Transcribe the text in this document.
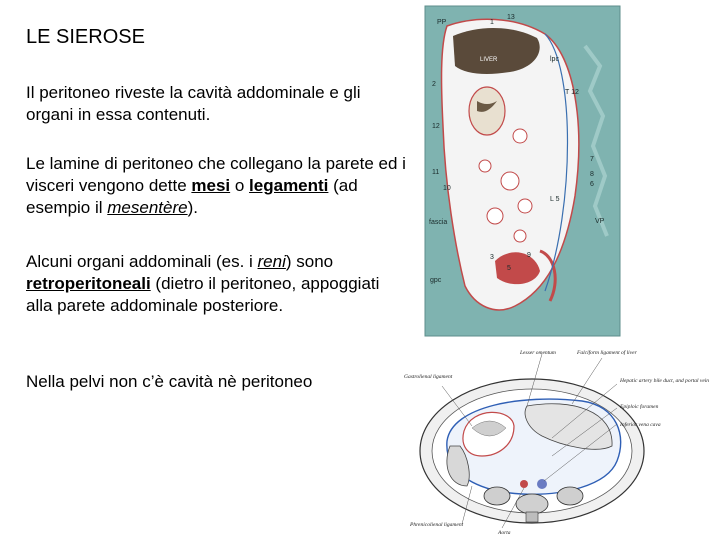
LE SIEROSE

Il peritoneo riveste la cavità addominale e gli organi in essa contenuti.

Le lamine di peritoneo che collegano la parete ed i visceri vengono dette mesi o legamenti (ad esempio il mesentère).

Alcuni organi addominali (es. i reni) sono retroperitoneali (dietro il peritoneo, appoggiati alla parete addominale posteriore.

Nella pelvi non c’è cavità nè peritoneo

LIVER
PP	1
13
lpc
2
T 12
12
7
11	8
10
6
L 5
fascia	VP
3	9
5
gpc
Lesser omentum	Falciform ligament of liver
Gastrolienal ligament
Hepatic artery bile duct, and portal vein
Epiploic foramen
Inferior vena cava
Phrenicolienal ligament
Aorta
